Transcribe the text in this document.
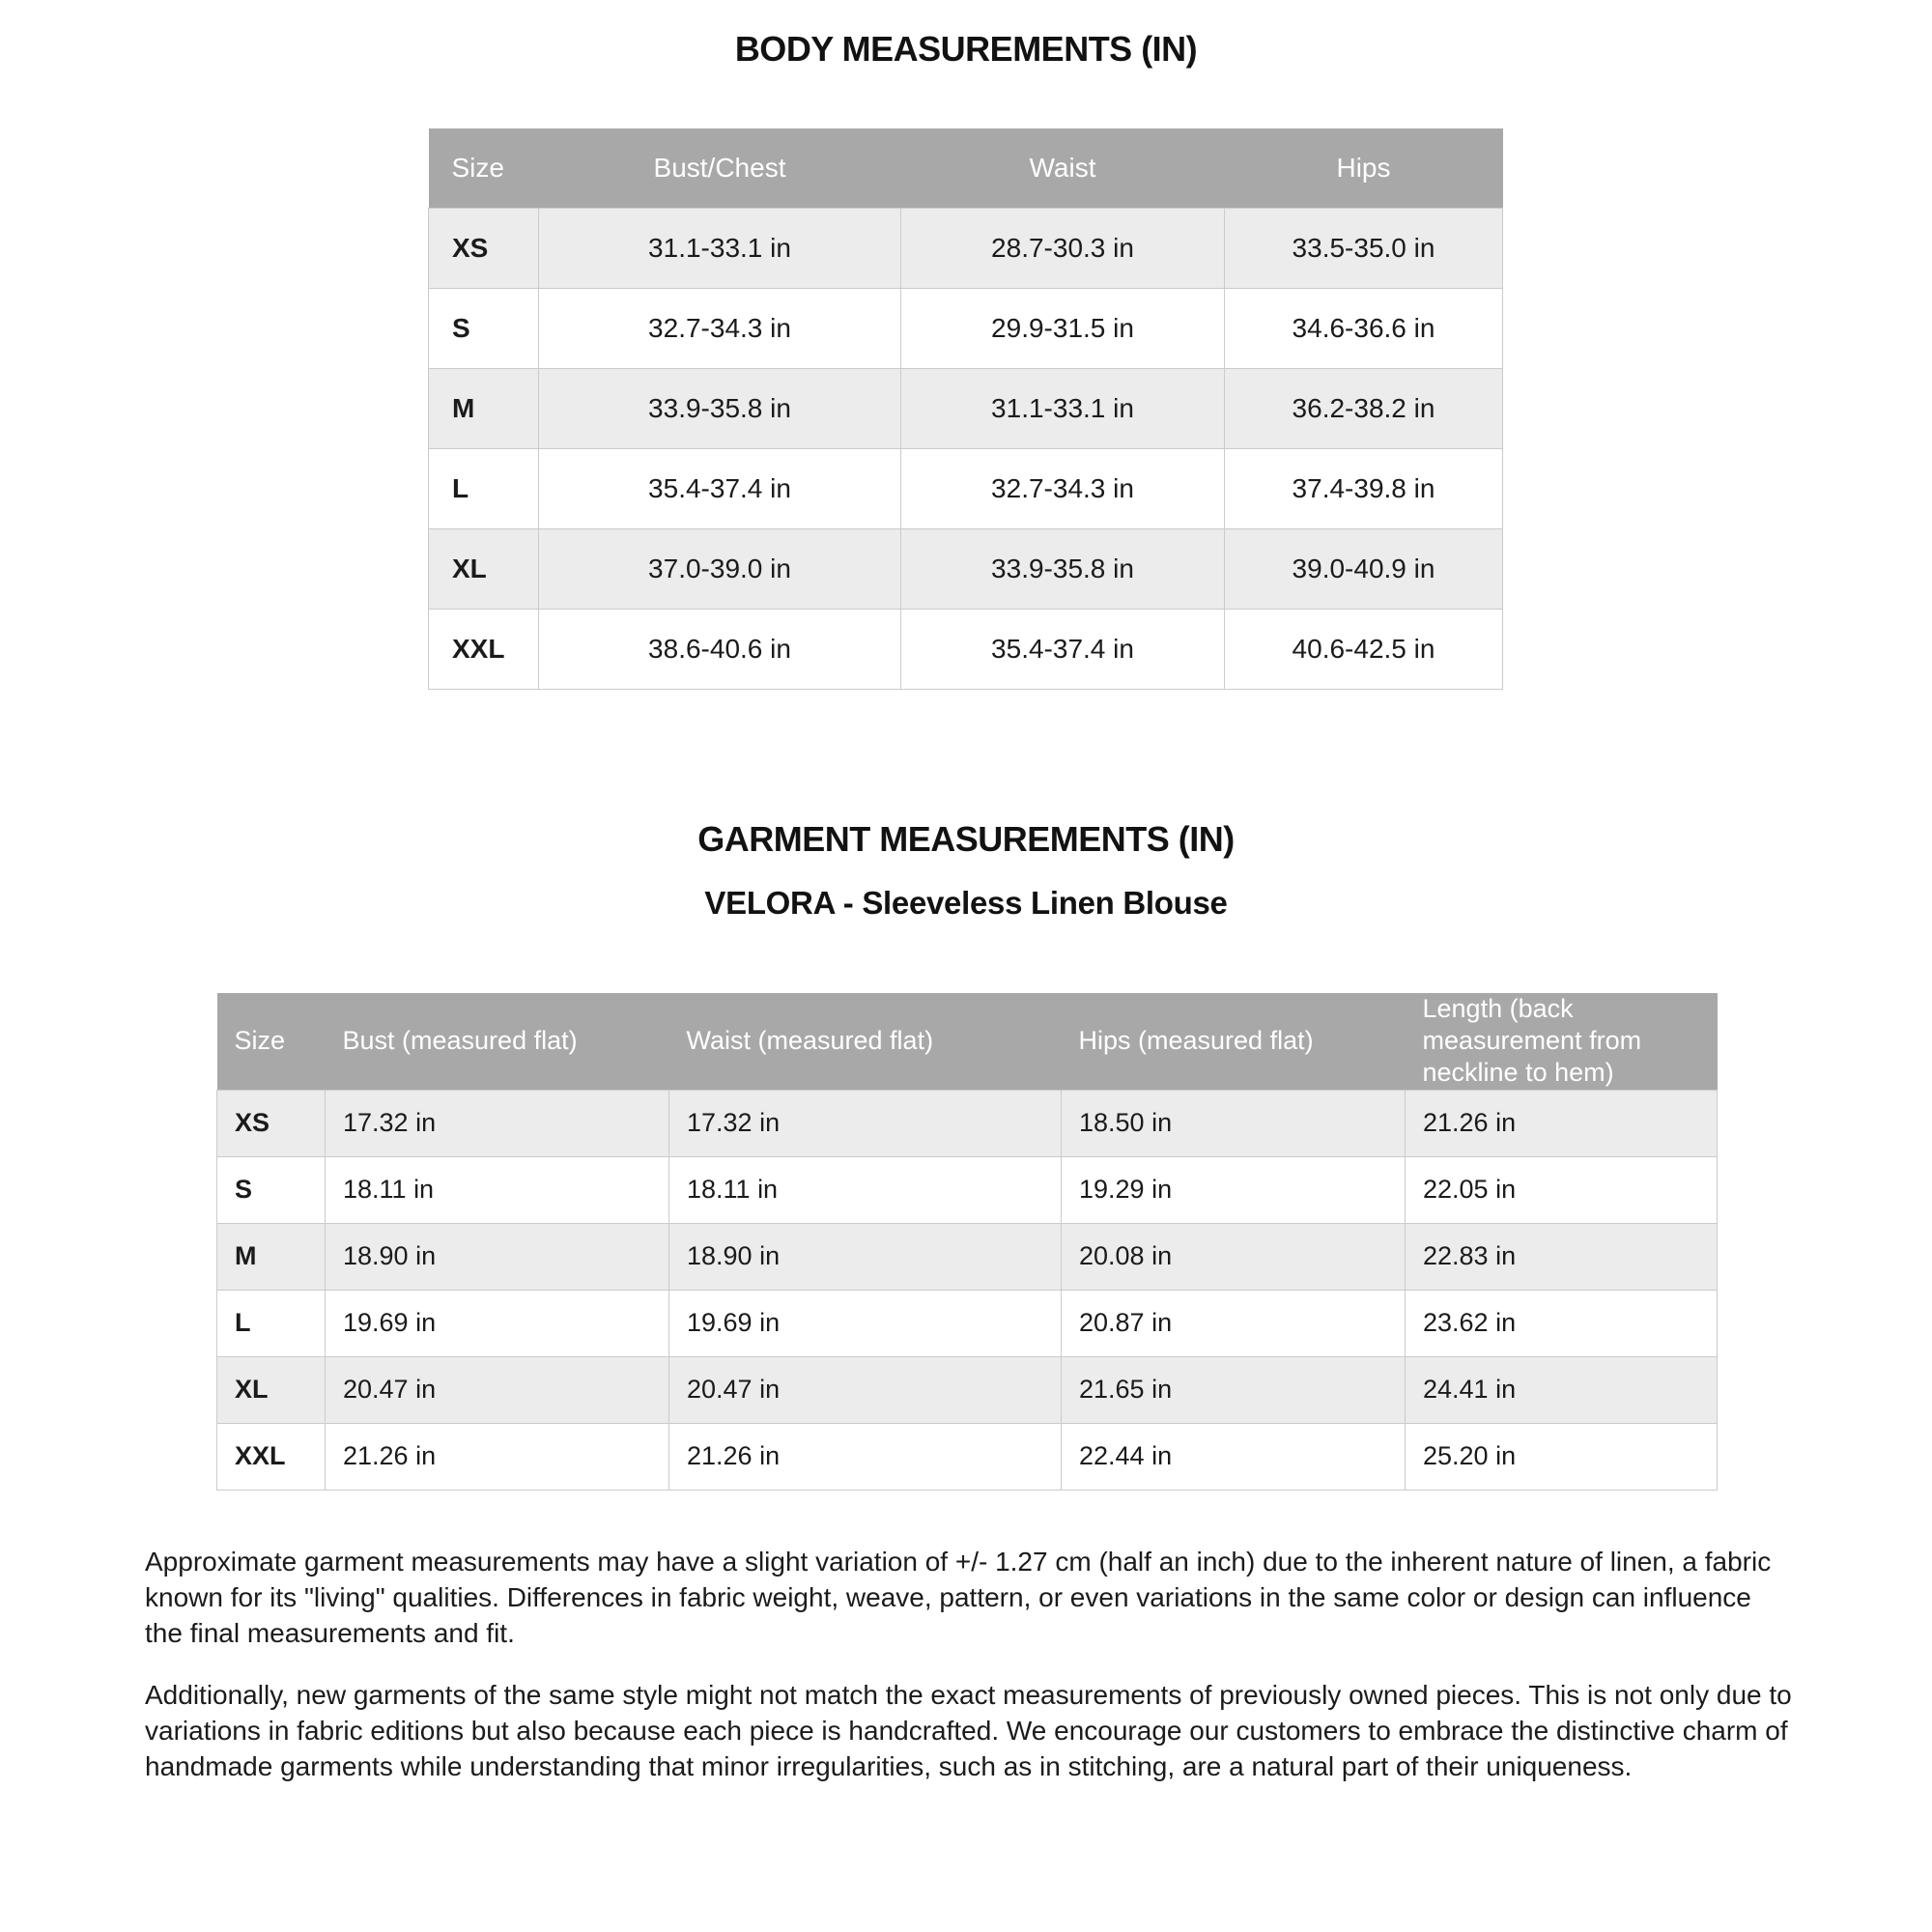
BODY MEASUREMENTS (IN)
Size	Bust/Chest	Waist	Hips
XS	31.1-33.1 in	28.7-30.3 in	33.5-35.0 in
S	32.7-34.3 in	29.9-31.5 in	34.6-36.6 in
M	33.9-35.8 in	31.1-33.1 in	36.2-38.2 in
L	35.4-37.4 in	32.7-34.3 in	37.4-39.8 in
XL	37.0-39.0 in	33.9-35.8 in	39.0-40.9 in
XXL	38.6-40.6 in	35.4-37.4 in	40.6-42.5 in
GARMENT MEASUREMENTS (IN)
VELORA - Sleeveless Linen Blouse
Size	Bust (measured flat)	Waist (measured flat)	Hips (measured flat)	Length (back measurement from neckline to hem)
XS	17.32 in	17.32 in	18.50 in	21.26 in
S	18.11 in	18.11 in	19.29 in	22.05 in
M	18.90 in	18.90 in	20.08 in	22.83 in
L	19.69 in	19.69 in	20.87 in	23.62 in
XL	20.47 in	20.47 in	21.65 in	24.41 in
XXL	21.26 in	21.26 in	22.44 in	25.20 in

Approximate garment measurements may have a slight variation of +/- 1.27 cm (half an inch) due to the inherent nature of linen, a fabric known for its "living" qualities. Differences in fabric weight, weave, pattern, or even variations in the same color or design can influence the final measurements and fit.

Additionally, new garments of the same style might not match the exact measurements of previously owned pieces. This is not only due to variations in fabric editions but also because each piece is handcrafted. We encourage our customers to embrace the distinctive charm of handmade garments while understanding that minor irregularities, such as in stitching, are a natural part of their uniqueness.
